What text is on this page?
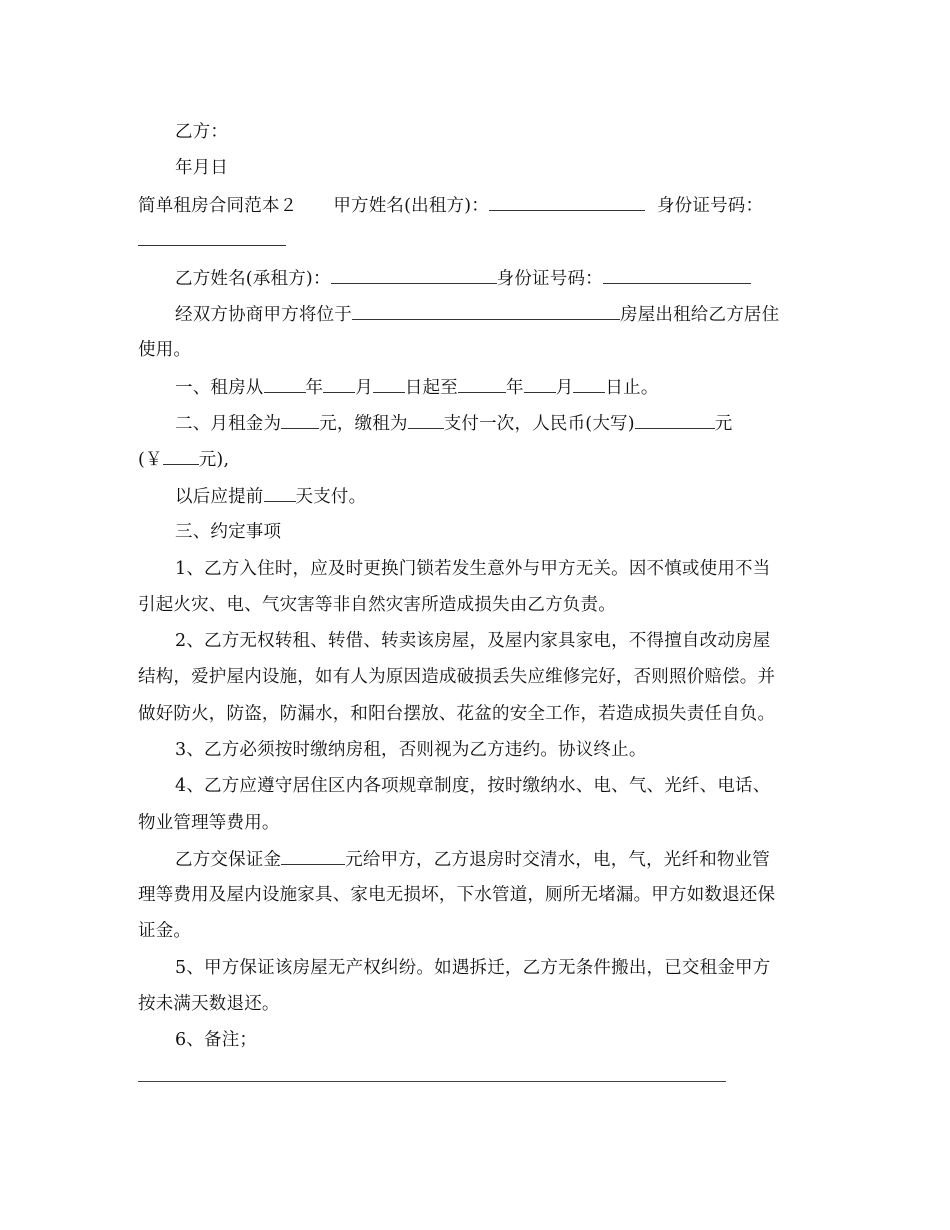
乙方：
年月日
简单租房合同范本２ 甲方姓名(出租方)：	身份证号码：
乙方姓名(承租方)：	身份证号码：
经双方协商甲方将位于	房屋出租给乙方居住
使用。
一、租房从 年 月 日起至	年 月 日止。
二、月租金为 元，缴租为 支付一次，人民币(大写)	元
(￥ 元),
以后应提前 天支付。
三、约定事项
1、乙方入住时，应及时更换门锁若发生意外与甲方无关。因不慎或使用不当
引起火灾、电、气灾害等非自然灾害所造成损失由乙方负责。
2、乙方无权转租、转借、转卖该房屋，及屋内家具家电，不得擅自改动房屋
结构，爱护屋内设施，如有人为原因造成破损丢失应维修完好，否则照价赔偿。并
做好防火，防盗，防漏水，和阳台摆放、花盆的安全工作，若造成损失责任自负。
3、乙方必须按时缴纳房租，否则视为乙方违约。协议终止。
4、乙方应遵守居住区内各项规章制度，按时缴纳水、电、气、光纤、电话、
物业管理等费用。
乙方交保证金	元给甲方，乙方退房时交清水，电，气，光纤和物业管
理等费用及屋内设施家具、家电无损坏，下水管道，厕所无堵漏。甲方如数退还保
证金。
5、甲方保证该房屋无产权纠纷。如遇拆迁，乙方无条件搬出，已交租金甲方
按未满天数退还。
6、备注；
